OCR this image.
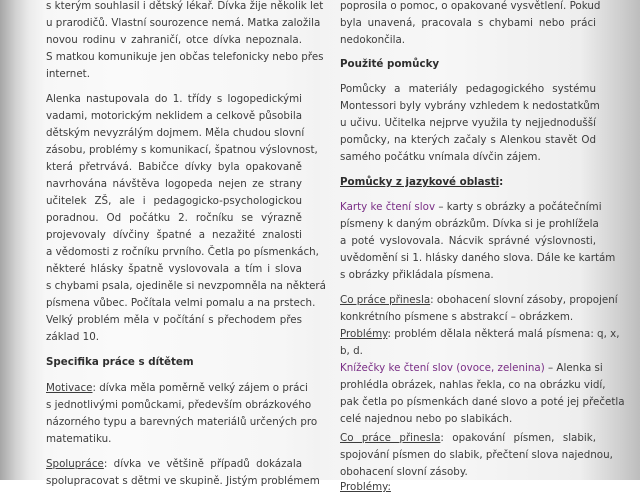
s kterým souhlasil i dětský lékař. Dívka žije několik let
u prarodičů. Vlastní sourozence nemá. Matka založila
novou rodinu v zahraničí, otce dívka nepoznala.
S matkou komunikuje jen občas telefonicky nebo přes
internet.
Alenka nastupovala do 1. třídy s logopedickými
vadami, motorickým neklidem a celkově působila
dětským nevyzrálým dojmem. Měla chudou slovní
zásobu, problémy s komunikací, špatnou výslovnost,
která přetrvává. Babičce dívky byla opakovaně
navrhována návštěva logopeda nejen ze strany
učitelek ZŠ, ale i pedagogicko-psychologickou
poradnou. Od počátku 2. ročníku se výrazně
projevovaly dívčiny špatné a nezažité znalosti
a vědomosti z ročníku prvního. Četla po písmenkách,
některé hlásky špatně vyslovovala a tím i slova
s chybami psala, ojediněle si nevzpomněla na některá
písmena vůbec. Počítala velmi pomalu a na prstech.
Velký problém měla v počítání s přechodem přes
základ 10.
Specifika práce s dítětem
Motivace: dívka měla poměrně velký zájem o práci
s jednotlivými pomůckami, především obrázkového
názorného typu a barevných materiálů určených pro
matematiku.
Spolupráce: dívka ve většině případů dokázala
spolupracovat s dětmi ve skupině. Jistým problémem
poprosila o pomoc, o opakované vysvětlení. Pokud
byla unavená, pracovala s chybami nebo práci
nedokončila.
Použité pomůcky
Pomůcky a materiály pedagogického systému
Montessori byly vybrány vzhledem k nedostatkům
u učivu. Učitelka nejprve využila ty nejjednodušší
pomůcky, na kterých začaly s Alenkou stavět Od
samého počátku vnímala dívčin zájem.
Pomůcky z jazykové oblasti:
Karty ke čtení slov – karty s obrázky a počátečními
písmeny k daným obrázkům. Dívka si je prohlížela
a poté vyslovovala. Nácvik správné výslovnosti,
uvědomění si 1. hlásky daného slova. Dále ke kartám
s obrázky přikládala písmena.
Co práce přinesla: obohacení slovní zásoby, propojení
konkrétního písmene s abstrakcí – obrázkem.
Problémy: problém dělala některá malá písmena: q, x,
b, d.
Knížečky ke čtení slov (ovoce, zelenina) – Alenka si
prohlédla obrázek, nahlas řekla, co na obrázku vidí,
pak četla po písmenkách dané slovo a poté jej přečetla
celé najednou nebo po slabikách.
Co práce přinesla: opakování písmen, slabik,
spojování písmen do slabik, přečtení slova najednou,
obohacení slovní zásoby.
Problémy:
